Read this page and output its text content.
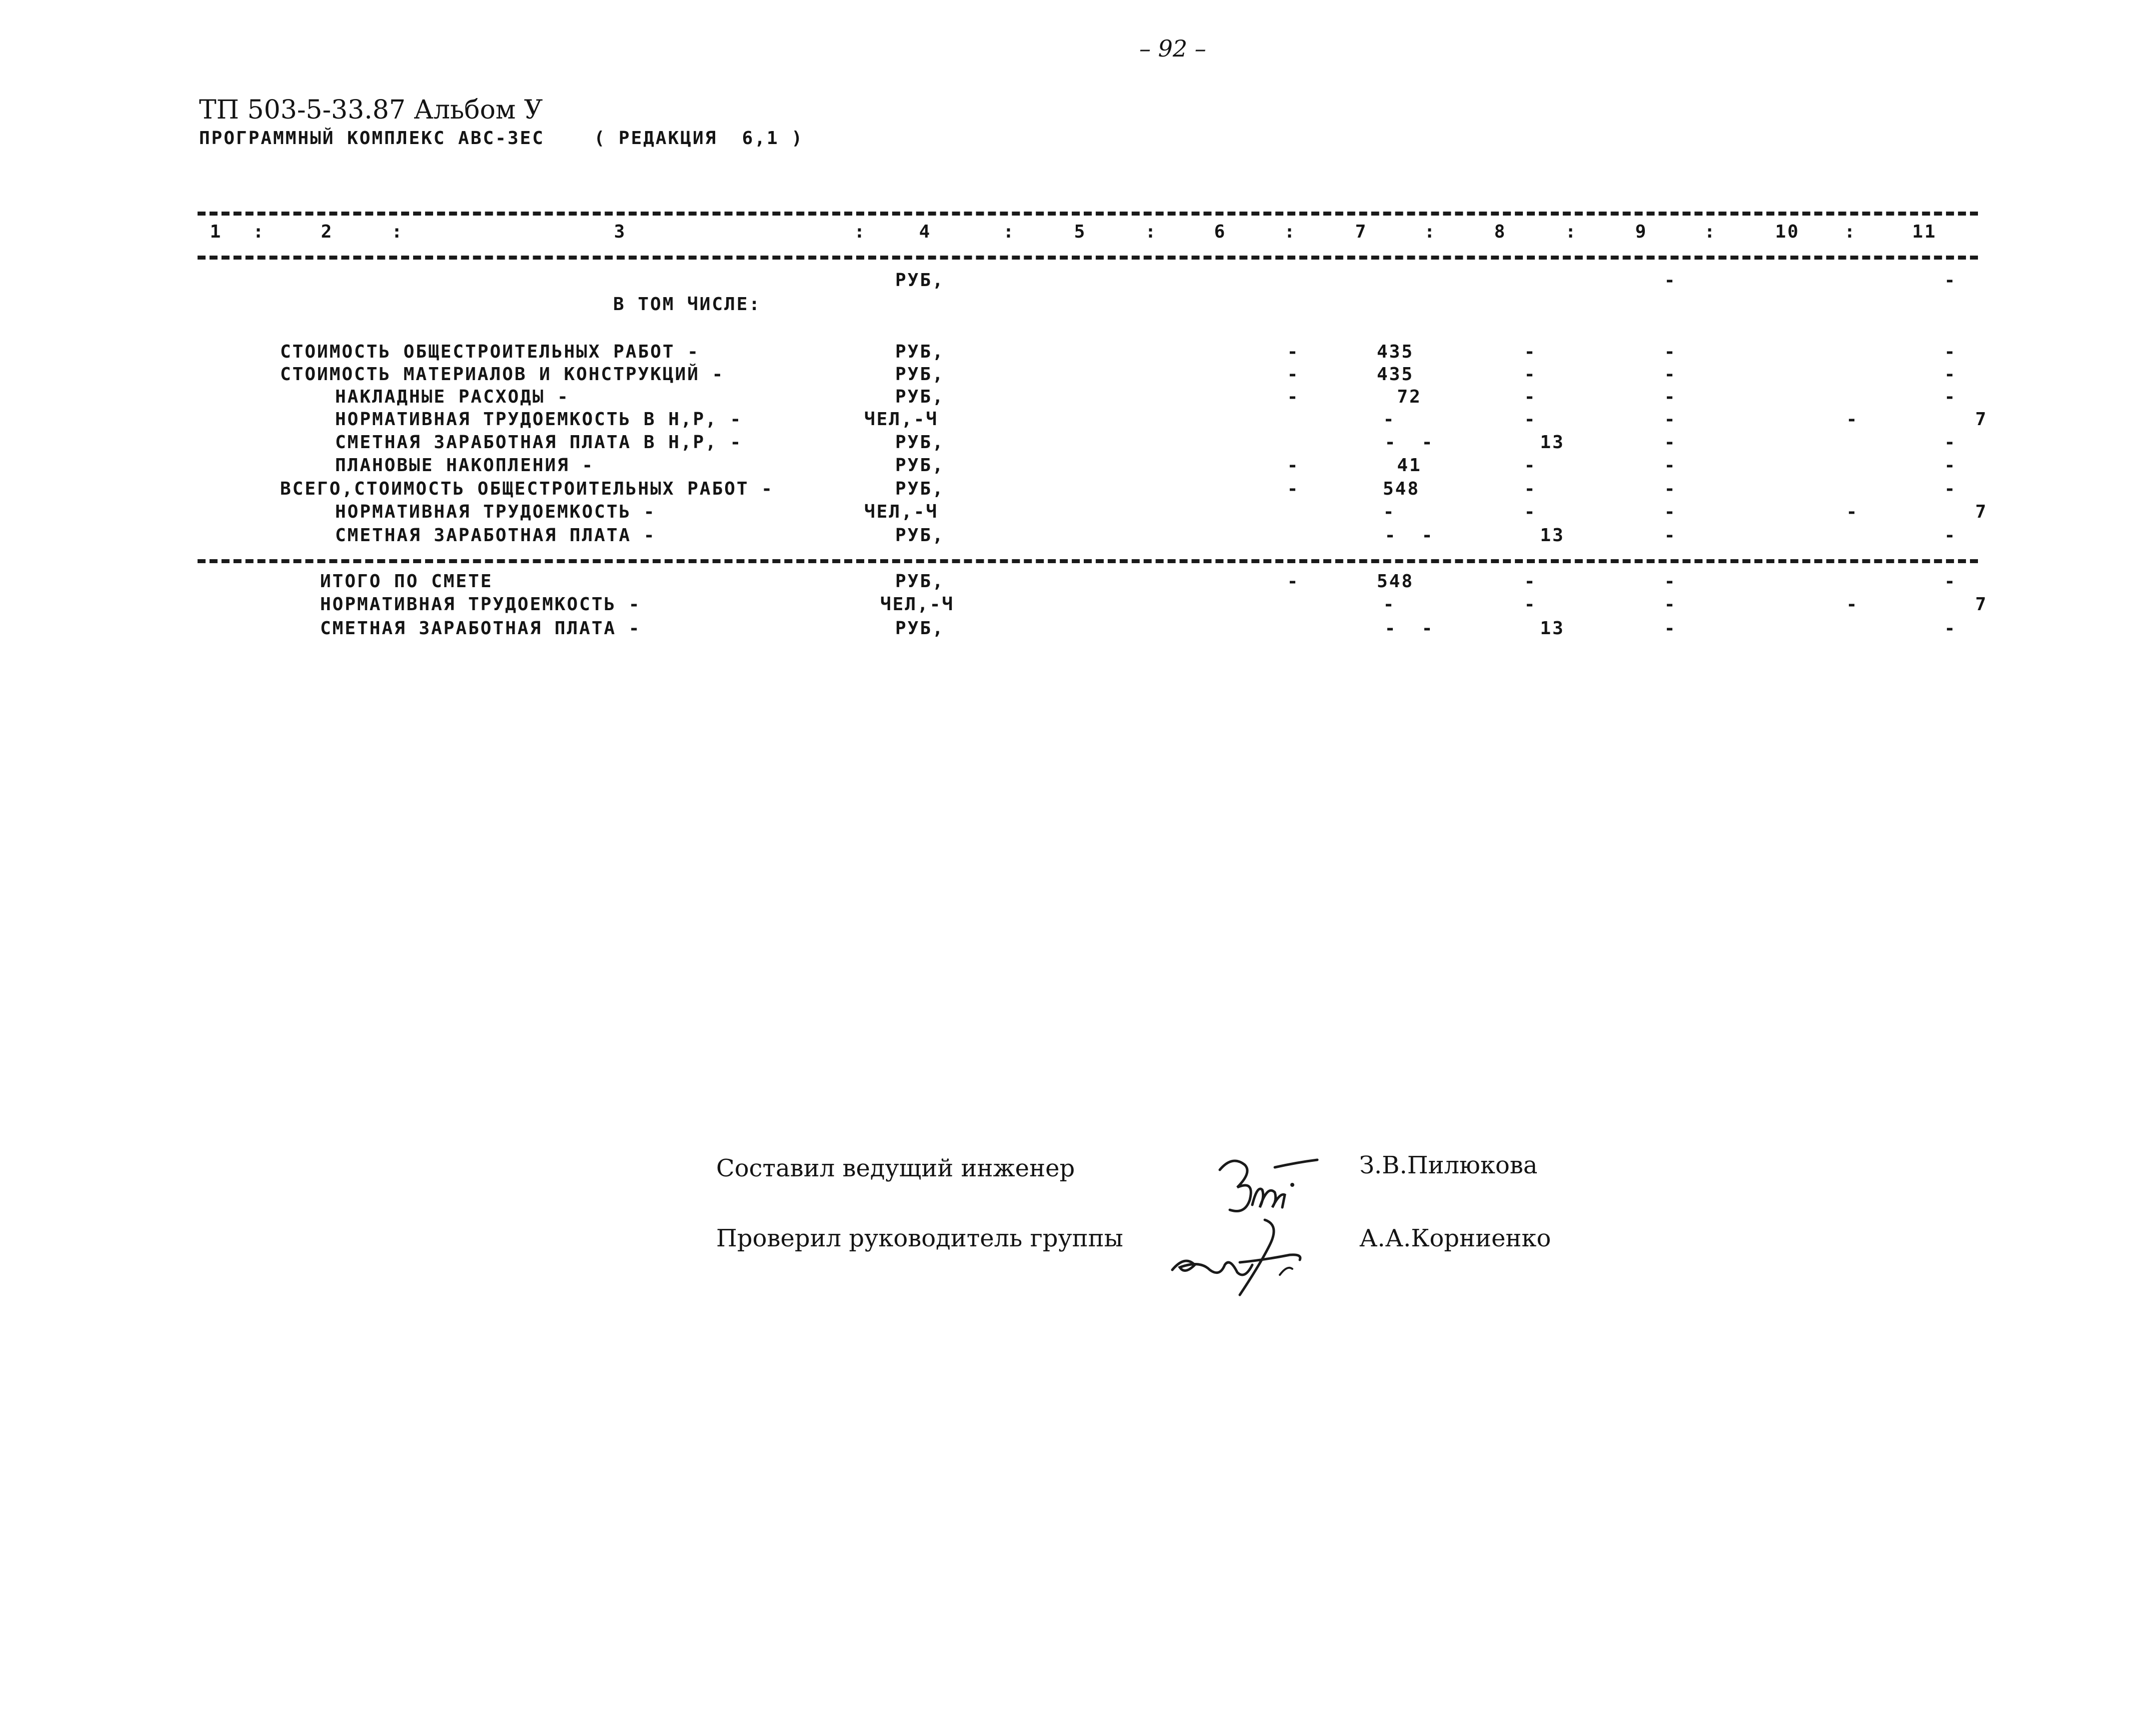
– 92 –
ТП 503-5-33.87 Альбом У
ПРОГРАММНЫЙ КОМПЛЕКС АВС-ЗЕС    ( РЕДАКЦИЯ  6,1 )
1 :	2	:	3	:	4	:	5	:	6	:	7	:	8	:	9	:	10 :	11
РУБ,	-	-
В ТОМ ЧИСЛЕ:
СТОИМОСТЬ ОБЩЕСТРОИТЕЛЬНЫХ РАБОТ -	РУБ,	-	435	-	-	-
СТОИМОСТЬ МАТЕРИАЛОВ И КОНСТРУКЦИЙ -	РУБ,	-	435	-	-	-
НАКЛАДНЫЕ РАСХОДЫ -	РУБ,	-	72	-	-	-
НОРМАТИВНАЯ ТРУДОЕМКОСТЬ В Н,Р, -	ЧЕЛ,-Ч	-	-	-	-	7
СМЕТНАЯ ЗАРАБОТНАЯ ПЛАТА В Н,Р, -	РУБ,	-  -	13	-	-
ПЛАНОВЫЕ НАКОПЛЕНИЯ -	РУБ,	-	41	-	-	-
ВСЕГО,СТОИМОСТЬ ОБЩЕСТРОИТЕЛЬНЫХ РАБОТ -	РУБ,	-	548	-	-	-
НОРМАТИВНАЯ ТРУДОЕМКОСТЬ -	ЧЕЛ,-Ч	-	-	-	-	7
СМЕТНАЯ ЗАРАБОТНАЯ ПЛАТА -	РУБ,	-  -	13	-	-
ИТОГО ПО СМЕТЕ	РУБ,	-	548	-	-	-
НОРМАТИВНАЯ ТРУДОЕМКОСТЬ -	ЧЕЛ,-Ч	-	-	-	-	7
СМЕТНАЯ ЗАРАБОТНАЯ ПЛАТА -	РУБ,	-  -	13	-	-
Составил ведущий инженер

	З.В.Пилюкова
Проверил руководитель группы

	А.А.Корниенко
